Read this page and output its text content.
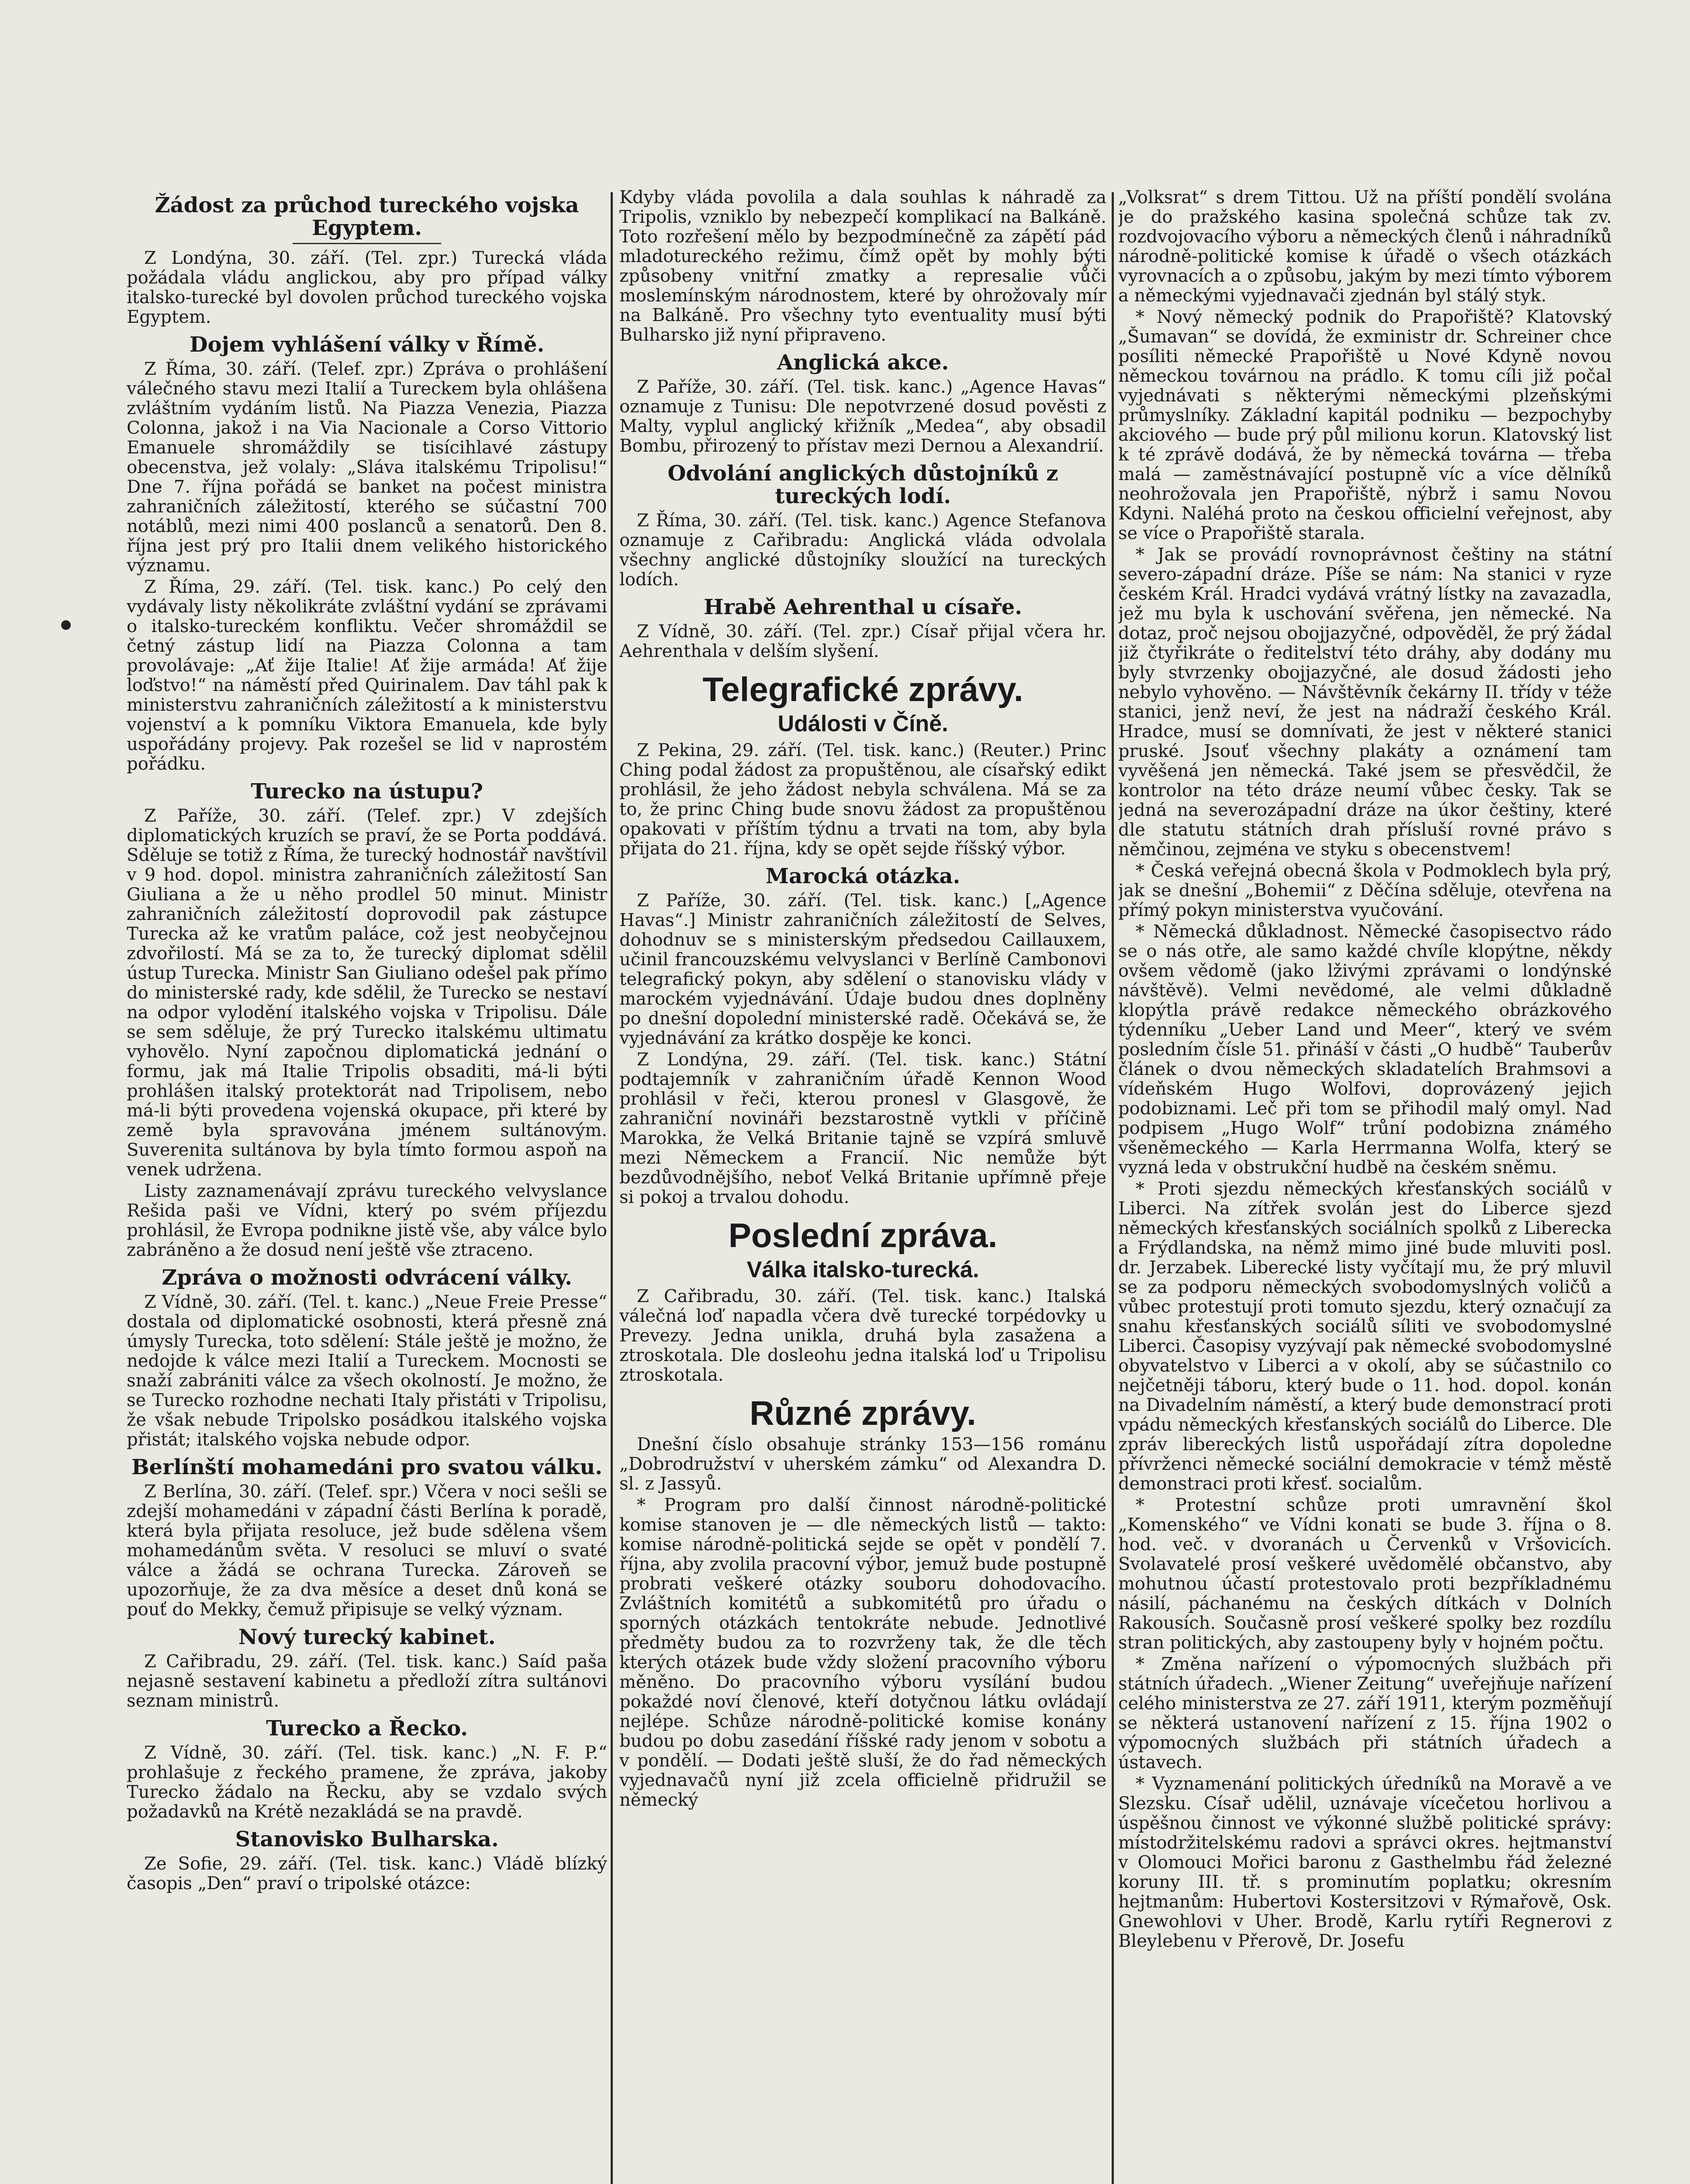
Žádost za průchod tureckého vojska Egyptem.

Z Londýna, 30. září. (Tel. zpr.) Turecká vláda požádala vládu anglickou, aby pro případ války italsko-turecké byl dovolen průchod tureckého vojska Egyptem.

Dojem vyhlášení války v Římě.

Z Říma, 30. září. (Telef. zpr.) Zpráva o prohlášení válečného stavu mezi Italií a Tureckem byla ohlášena zvláštním vydáním listů. Na Piazza Venezia, Piazza Colonna, jakož i na Via Nacionale a Corso Vittorio Emanuele shromáždily se tisícihlavé zástupy obecenstva, jež volaly: „Sláva italskému Tripolisu!“ Dne 7. října pořádá se banket na počest ministra zahraničních záležitostí, kterého se súčastní 700 notáblů, mezi nimi 400 poslanců a senatorů. Den 8. října jest prý pro Italii dnem velikého historického významu.

Z Říma, 29. září. (Tel. tisk. kanc.) Po celý den vydávaly listy několikráte zvláštní vydání se zprávami o italsko-tureckém konfliktu. Večer shromáždil se četný zástup lidí na Piazza Colonna a tam provolávaje: „Ať žije Italie! Ať žije armáda! Ať žije loďstvo!“ na náměstí před Quirinalem. Dav táhl pak k ministerstvu zahraničních záležitostí a k ministerstvu vojenství a k pomníku Viktora Emanuela, kde byly uspořádány projevy. Pak rozešel se lid v naprostém pořádku.

Turecko na ústupu?

Z Paříže, 30. září. (Telef. zpr.) V zdejších diplomatických kruzích se praví, že se Porta poddává. Sděluje se totiž z Říma, že turecký hodnostář navštívil v 9 hod. dopol. ministra zahraničních záležitostí San Giuliana a že u něho prodlel 50 minut. Ministr zahraničních záležitostí doprovodil pak zástupce Turecka až ke vratům paláce, což jest neobyčejnou zdvořilostí. Má se za to, že turecký diplomat sdělil ústup Turecka. Ministr San Giuliano odešel pak přímo do ministerské rady, kde sdělil, že Turecko se nestaví na odpor vylodění italského vojska v Tripolisu. Dále se sem sděluje, že prý Turecko italskému ultimatu vyhovělo. Nyní započnou diplomatická jednání o formu, jak má Italie Tripolis obsaditi, má-li býti prohlášen italský protektorát nad Tripolisem, nebo má-li býti provedena vojenská okupace, při které by země byla spravována jménem sultánovým. Suverenita sultánova by byla tímto formou aspoň na venek udržena.

Listy zaznamenávají zprávu tureckého velvyslance Rešida paši ve Vídni, který po svém příjezdu prohlásil, že Evropa podnikne jistě vše, aby válce bylo zabráněno a že dosud není ještě vše ztraceno.

Zpráva o možnosti odvrácení války.

Z Vídně, 30. září. (Tel. t. kanc.) „Neue Freie Presse“ dostala od diplomatické osobnosti, která přesně zná úmysly Turecka, toto sdělení: Stále ještě je možno, že nedojde k válce mezi Italií a Tureckem. Mocnosti se snaží zabrániti válce za všech okolností. Je možno, že se Turecko rozhodne nechati Italy přistáti v Tripolisu, že však nebude Tripolsko posádkou italského vojska přistát; italského vojska nebude odpor.

Berlínští mohamedáni pro svatou válku.

Z Berlína, 30. září. (Telef. spr.) Včera v noci sešli se zdejší mohamedáni v západní části Berlína k poradě, která byla přijata resoluce, jež bude sdělena všem mohamedánům světa. V resoluci se mluví o svaté válce a žádá se ochrana Turecka. Zároveň se upozorňuje, že za dva měsíce a deset dnů koná se pouť do Mekky, čemuž připisuje se velký význam.

Nový turecký kabinet.

Z Cařibradu, 29. září. (Tel. tisk. kanc.) Saíd paša nejasně sestavení kabinetu a předloží zítra sultánovi seznam ministrů.

Turecko a Řecko.

Z Vídně, 30. září. (Tel. tisk. kanc.) „N. F. P.“ prohlašuje z řeckého pramene, že zpráva, jakoby Turecko žádalo na Řecku, aby se vzdalo svých požadavků na Krétě nezakládá se na pravdě.

Stanovisko Bulharska.

Ze Sofie, 29. září. (Tel. tisk. kanc.) Vládě blízký časopis „Den“ praví o tripolské otázce:

Kdyby vláda povolila a dala souhlas k náhradě za Tripolis, vzniklo by nebezpečí komplikací na Balkáně. Toto rozřešení mělo by bezpodmínečně za zápětí pád mladotureckého režimu, čímž opět by mohly býti způsobeny vnitřní zmatky a represalie vůči moslemínským národnostem, které by ohrožovaly mír na Balkáně. Pro všechny tyto eventuality musí býti Bulharsko již nyní připraveno.

Anglická akce.

Z Paříže, 30. září. (Tel. tisk. kanc.) „Agence Havas“ oznamuje z Tunisu: Dle nepotvrzené dosud pověsti z Malty, vyplul anglický křižník „Medea“, aby obsadil Bombu, přirozený to přístav mezi Dernou a Alexandrií.

Odvolání anglických důstojníků z tureckých lodí.

Z Říma, 30. září. (Tel. tisk. kanc.) Agence Stefanova oznamuje z Cařibradu: Anglická vláda odvolala všechny anglické důstojníky sloužící na tureckých lodích.

Hrabě Aehrenthal u císaře.

Z Vídně, 30. září. (Tel. zpr.) Císař přijal včera hr. Aehrenthala v delším slyšení.

Telegrafické zprávy.
Události v Číně.

Z Pekina, 29. září. (Tel. tisk. kanc.) (Reuter.) Princ Ching podal žádost za propuštěnou, ale císařský edikt prohlásil, že jeho žádost nebyla schválena. Má se za to, že princ Ching bude snovu žádost za propuštěnou opakovati v příštím týdnu a trvati na tom, aby byla přijata do 21. října, kdy se opět sejde říšský výbor.

Marocká otázka.

Z Paříže, 30. září. (Tel. tisk. kanc.) [„Agence Havas“.] Ministr zahraničních záležitostí de Selves, dohodnuv se s ministerským předsedou Caillauxem, učinil francouzskému velvyslanci v Berlíně Cambonovi telegrafický pokyn, aby sdělení o stanovisku vlády v marockém vyjednávání. Údaje budou dnes doplněny po dnešní dopolední ministerské radě. Očekává se, že vyjednávání za krátko dospěje ke konci.

Z Londýna, 29. září. (Tel. tisk. kanc.) Státní podtajemník v zahraničním úřadě Kennon Wood prohlásil v řeči, kterou pronesl v Glasgově, že zahraniční novináři bezstarostně vytkli v příčině Marokka, že Velká Britanie tajně se vzpírá smluvě mezi Německem a Francií. Nic nemůže být bezdůvodnějšího, neboť Velká Britanie upřímně přeje si pokoj a trvalou dohodu.

Poslední zpráva.
Válka italsko-turecká.

Z Cařibradu, 30. září. (Tel. tisk. kanc.) Italská válečná loď napadla včera dvě turecké torpédovky u Prevezy. Jedna unikla, druhá byla zasažena a ztroskotala. Dle dosleohu jedna italská loď u Tripolisu ztroskotala.

Různé zprávy.

Dnešní číslo obsahuje stránky 153—156 románu „Dobrodružství v uherském zámku“ od Alexandra D. sl. z Jassyů.

* Program pro další činnost národně-politické komise stanoven je — dle německých listů — takto: komise národně-politická sejde se opět v pondělí 7. října, aby zvolila pracovní výbor, jemuž bude postupně probrati veškeré otázky souboru dohodovacího. Zvláštních komitétů a subkomitétů pro úřadu o sporných otázkách tentokráte nebude. Jednotlivé předměty budou za to rozvrženy tak, že dle těch kterých otázek bude vždy složení pracovního výboru měněno. Do pracovního výboru vysílání budou pokaždé noví členové, kteří dotyčnou látku ovládají nejlépe. Schůze národně-politické komise konány budou po dobu zasedání říšské rady jenom v sobotu a v pondělí. — Dodati ještě sluší, že do řad německých vyjednavačů nyní již zcela officielně přidružil se německý

„Volksrat“ s drem Tittou. Už na příští pondělí svolána je do pražského kasina společná schůze tak zv. rozdvojovacího výboru a německých členů i náhradníků národně-politické komise k úřadě o všech otázkách vyrovnacích a o způsobu, jakým by mezi tímto výborem a německými vyjednavači zjednán byl stálý styk.

* Nový německý podnik do Prapořiště? Klatovský „Šumavan“ se dovídá, že exministr dr. Schreiner chce posíliti německé Prapořiště u Nové Kdyně novou německou továrnou na prádlo. K tomu cíli již počal vyjednávati s některými německými plzeňskými průmyslníky. Základní kapitál podniku — bezpochyby akciového — bude prý půl milionu korun. Klatovský list k té zprávě dodává, že by německá továrna — třeba malá — zaměstnávající postupně víc a více dělníků neohrožovala jen Prapořiště, nýbrž i samu Novou Kdyni. Naléhá proto na českou officielní veřejnost, aby se více o Prapořiště starala.

* Jak se provádí rovnoprávnost češtiny na státní severo-západní dráze. Píše se nám: Na stanici v ryze českém Král. Hradci vydává vrátný lístky na zavazadla, jež mu byla k uschování svěřena, jen německé. Na dotaz, proč nejsou obojjazyčné, odpověděl, že prý žádal již čtyřikráte o ředitelství této dráhy, aby dodány mu byly stvrzenky obojjazyčné, ale dosud žádosti jeho nebylo vyhověno. — Návštěvník čekárny II. třídy v téže stanici, jenž neví, že jest na nádraží českého Král. Hradce, musí se domnívati, že jest v některé stanici pruské. Jsouť všechny plakáty a oznámení tam vyvěšená jen německá. Také jsem se přesvědčil, že kontrolor na této dráze neumí vůbec česky. Tak se jedná na severozápadní dráze na úkor češtiny, které dle statutu státních drah přísluší rovné právo s němčinou, zejména ve styku s obecenstvem!

* Česká veřejná obecná škola v Podmoklech byla prý, jak se dnešní „Bohemii“ z Děčína sděluje, otevřena na přímý pokyn ministerstva vyučování.

* Německá důkladnost. Německé časopisectvo rádo se o nás otře, ale samo každé chvíle klopýtne, někdy ovšem vědomě (jako lživými zprávami o londýnské návštěvě). Velmi nevědomé, ale velmi důkladně klopýtla právě redakce německého obrázkového týdenníku „Ueber Land und Meer“, který ve svém posledním čísle 51. přináší v části „O hudbě“ Tauberův článek o dvou německých skladatelích Brahmsovi a vídeňském Hugo Wolfovi, doprovázený jejich podobiznami. Leč při tom se přihodil malý omyl. Nad podpisem „Hugo Wolf“ trůní podobizna známého všeněmeckého — Karla Herrmanna Wolfa, který se vyzná leda v obstrukční hudbě na českém sněmu.

* Proti sjezdu německých křesťanských sociálů v Liberci. Na zítřek svolán jest do Liberce sjezd německých křesťanských sociálních spolků z Liberecka a Frýdlandska, na němž mimo jiné bude mluviti posl. dr. Jerzabek. Liberecké listy vyčítají mu, že prý mluvil se za podporu německých svobodomyslných voličů a vůbec protestují proti tomuto sjezdu, který označují za snahu křesťanských sociálů síliti ve svobodomyslné Liberci. Časopisy vyzývají pak německé svobodomyslné obyvatelstvo v Liberci a v okolí, aby se súčastnilo co nejčetněji táboru, který bude o 11. hod. dopol. konán na Divadelním náměstí, a který bude demonstrací proti vpádu německých křesťanských sociálů do Liberce. Dle zpráv libereckých listů uspořádají zítra dopoledne přívrženci německé sociální demokracie v témž městě demonstraci proti křesť. socialům.

* Protestní schůze proti umravnění škol „Komenského“ ve Vídni konati se bude 3. října o 8. hod. več. v dvoranách u Červenků v Vršovicích. Svolavatelé prosí veškeré uvědomělé občanstvo, aby mohutnou účastí protestovalo proti bezpříkladnému násilí, páchanému na českých dítkách v Dolních Rakousích. Současně prosí veškeré spolky bez rozdílu stran politických, aby zastoupeny byly v hojném počtu.

* Změna nařízení o výpomocných službách při státních úřadech. „Wiener Zeitung“ uveřejňuje nařízení celého ministerstva ze 27. září 1911, kterým pozměňují se některá ustanovení nařízení z 15. října 1902 o výpomocných službách při státních úřadech a ústavech.

* Vyznamenání politických úředníků na Moravě a ve Slezsku. Císař udělil, uznávaje vícečetou horlivou a úspěšnou činnost ve výkonné službě politické správy: místodržitelskému radovi a správci okres. hejtmanství v Olomouci Mořici baronu z Gasthelmbu řád železné koruny III. tř. s prominutím poplatku; okresním hejtmanům: Hubertovi Kostersitzovi v Rýmařově, Osk. Gnewohlovi v Uher. Brodě, Karlu rytíři Regnerovi z Bleylebenu v Přerově, Dr. Josefu
